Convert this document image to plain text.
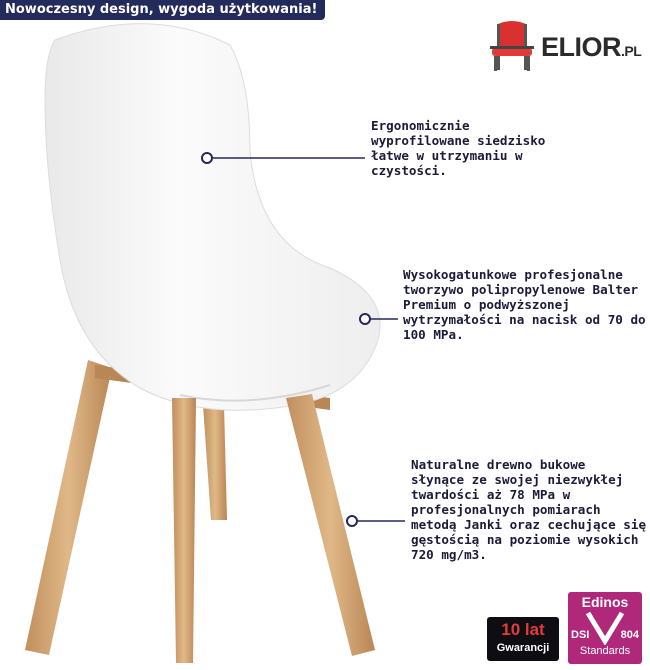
Nowoczesny design, wygoda użytkowania!
ELIOR.PL
Ergonomicznie
wyprofilowane siedzisko
łatwe w utrzymaniu w
czystości.
Wysokogatunkowe profesjonalne
tworzywo polipropylenowe Balter
Premium o podwyższonej
wytrzymałości na nacisk od 70 do
100 MPa.
Naturalne drewno bukowe
słynące ze swojej niezwykłej
twardości aż 78 MPa w
profesjonalnych pomiarach
metodą Janki oraz cechujące się
gęstością na poziomie wysokich
720 mg/m3.
10 lat
Gwarancji
Edinos
DSI	804
Standards
